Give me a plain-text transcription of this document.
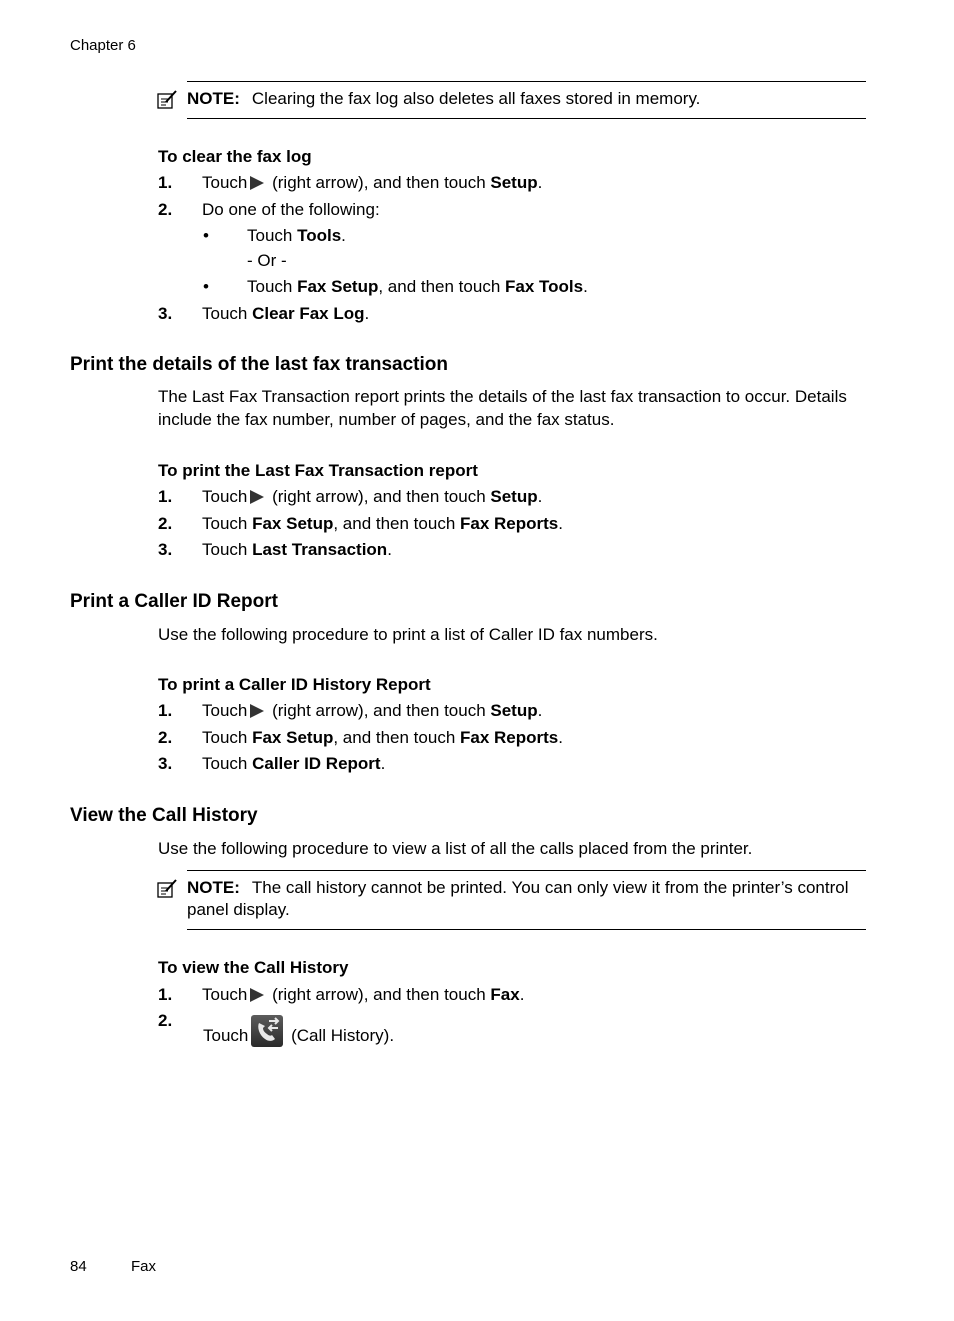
Chapter 6
NOTE: Clearing the fax log also deletes all faxes stored in memory.
To clear the fax log
1. Touch (right arrow), and then touch Setup.
2. Do one of the following:
• Touch Tools.
- Or -
• Touch Fax Setup, and then touch Fax Tools.
3. Touch Clear Fax Log.
Print the details of the last fax transaction
The Last Fax Transaction report prints the details of the last fax transaction to occur. Details include the fax number, number of pages, and the fax status.
To print the Last Fax Transaction report
1. Touch (right arrow), and then touch Setup.
2. Touch Fax Setup, and then touch Fax Reports.
3. Touch Last Transaction.
Print a Caller ID Report
Use the following procedure to print a list of Caller ID fax numbers.
To print a Caller ID History Report
1. Touch (right arrow), and then touch Setup.
2. Touch Fax Setup, and then touch Fax Reports.
3. Touch Caller ID Report.
View the Call History
Use the following procedure to view a list of all the calls placed from the printer.
NOTE: The call history cannot be printed. You can only view it from the printer’s control panel display.
To view the Call History
1. Touch (right arrow), and then touch Fax.
2.
Touch (Call History).
84	Fax
